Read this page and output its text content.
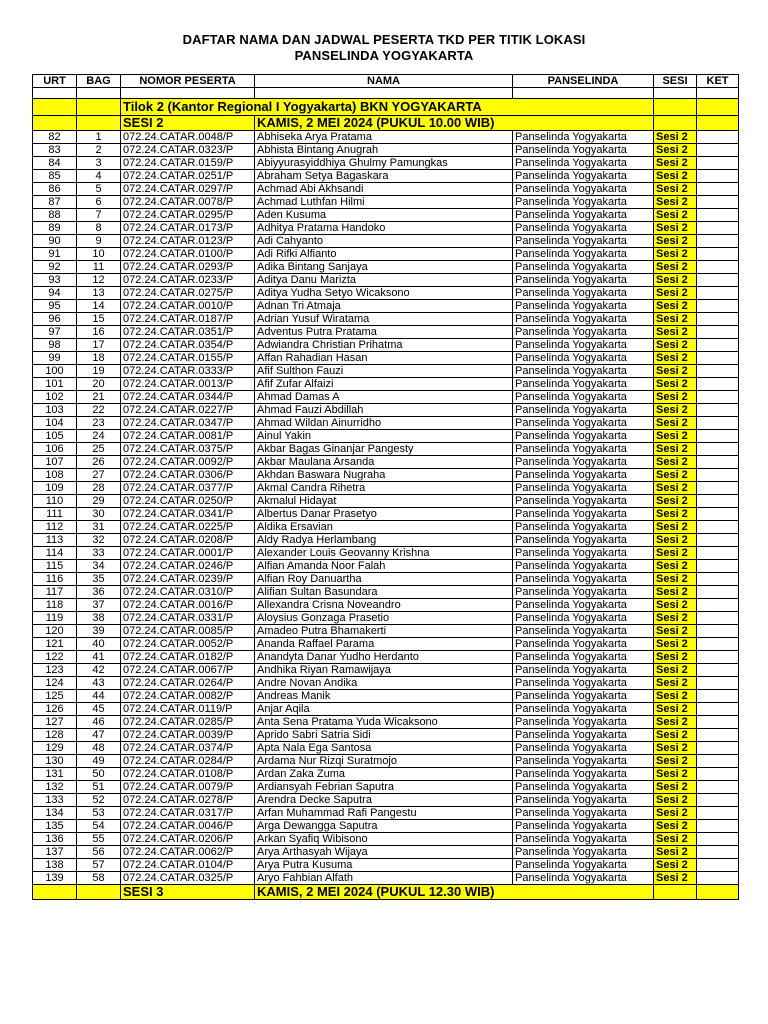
DAFTAR NAMA DAN JADWAL PESERTA TKD PER TITIK LOKASI
PANSELINDA YOGYAKARTA
URT	BAG	NOMOR PESERTA	NAMA	PANSELINDA	SESI	KET

		Tilok 2 (Kantor Regional I Yogyakarta) BKN YOGYAKARTA				
		SESI 2	KAMIS, 2 MEI 2024 (PUKUL 10.00 WIB)			
82	1	072.24.CATAR.0048/P	Abhiseka Arya Pratama	Panselinda Yogyakarta	Sesi 2	
83	2	072.24.CATAR.0323/P	Abhista Bintang Anugrah	Panselinda Yogyakarta	Sesi 2	
84	3	072.24.CATAR.0159/P	Abiyyurasyiddhiya Ghulmy Pamungkas	Panselinda Yogyakarta	Sesi 2	
85	4	072.24.CATAR.0251/P	Abraham Setya Bagaskara	Panselinda Yogyakarta	Sesi 2	
86	5	072.24.CATAR.0297/P	Achmad Abi Akhsandi	Panselinda Yogyakarta	Sesi 2	
87	6	072.24.CATAR.0078/P	Achmad Luthfan Hilmi	Panselinda Yogyakarta	Sesi 2	
88	7	072.24.CATAR.0295/P	Aden Kusuma	Panselinda Yogyakarta	Sesi 2	
89	8	072.24.CATAR.0173/P	Adhitya Pratama Handoko	Panselinda Yogyakarta	Sesi 2	
90	9	072.24.CATAR.0123/P	Adi Cahyanto	Panselinda Yogyakarta	Sesi 2	
91	10	072.24.CATAR.0100/P	Adi Rifki Alfianto	Panselinda Yogyakarta	Sesi 2	
92	11	072.24.CATAR.0293/P	Adika Bintang Sanjaya	Panselinda Yogyakarta	Sesi 2	
93	12	072.24.CATAR.0233/P	Aditya Danu Marizta	Panselinda Yogyakarta	Sesi 2	
94	13	072.24.CATAR.0275/P	Aditya Yudha Setyo Wicaksono	Panselinda Yogyakarta	Sesi 2	
95	14	072.24.CATAR.0010/P	Adnan Tri Atmaja	Panselinda Yogyakarta	Sesi 2	
96	15	072.24.CATAR.0187/P	Adrian Yusuf Wiratama	Panselinda Yogyakarta	Sesi 2	
97	16	072.24.CATAR.0351/P	Adventus Putra Pratama	Panselinda Yogyakarta	Sesi 2	
98	17	072.24.CATAR.0354/P	Adwiandra Christian Prihatma	Panselinda Yogyakarta	Sesi 2	
99	18	072.24.CATAR.0155/P	Affan Rahadian Hasan	Panselinda Yogyakarta	Sesi 2	
100	19	072.24.CATAR.0333/P	Afif Sulthon Fauzi	Panselinda Yogyakarta	Sesi 2	
101	20	072.24.CATAR.0013/P	Afif Zufar Alfaizi	Panselinda Yogyakarta	Sesi 2	
102	21	072.24.CATAR.0344/P	Ahmad Damas A	Panselinda Yogyakarta	Sesi 2	
103	22	072.24.CATAR.0227/P	Ahmad Fauzi Abdillah	Panselinda Yogyakarta	Sesi 2	
104	23	072.24.CATAR.0347/P	Ahmad Wildan Ainurridho	Panselinda Yogyakarta	Sesi 2	
105	24	072.24.CATAR.0081/P	Ainul Yakin	Panselinda Yogyakarta	Sesi 2	
106	25	072.24.CATAR.0375/P	Akbar Bagas Ginanjar Pangesty	Panselinda Yogyakarta	Sesi 2	
107	26	072.24.CATAR.0092/P	Akbar Maulana Arsanda	Panselinda Yogyakarta	Sesi 2	
108	27	072.24.CATAR.0306/P	Akhdan Baswara Nugraha	Panselinda Yogyakarta	Sesi 2	
109	28	072.24.CATAR.0377/P	Akmal Candra Rihetra	Panselinda Yogyakarta	Sesi 2	
110	29	072.24.CATAR.0250/P	Akmalul Hidayat	Panselinda Yogyakarta	Sesi 2	
111	30	072.24.CATAR.0341/P	Albertus Danar Prasetyo	Panselinda Yogyakarta	Sesi 2	
112	31	072.24.CATAR.0225/P	Aldika Ersavian	Panselinda Yogyakarta	Sesi 2	
113	32	072.24.CATAR.0208/P	Aldy Radya Herlambang	Panselinda Yogyakarta	Sesi 2	
114	33	072.24.CATAR.0001/P	Alexander Louis Geovanny Krishna	Panselinda Yogyakarta	Sesi 2	
115	34	072.24.CATAR.0246/P	Alfian Amanda Noor Falah	Panselinda Yogyakarta	Sesi 2	
116	35	072.24.CATAR.0239/P	Alfian Roy Danuartha	Panselinda Yogyakarta	Sesi 2	
117	36	072.24.CATAR.0310/P	Alifian Sultan Basundara	Panselinda Yogyakarta	Sesi 2	
118	37	072.24.CATAR.0016/P	Allexandra Crisna Noveandro	Panselinda Yogyakarta	Sesi 2	
119	38	072.24.CATAR.0331/P	Aloysius Gonzaga Prasetio	Panselinda Yogyakarta	Sesi 2	
120	39	072.24.CATAR.0085/P	Amadeo Putra Bhamakerti	Panselinda Yogyakarta	Sesi 2	
121	40	072.24.CATAR.0052/P	Ananda Raffael Parama	Panselinda Yogyakarta	Sesi 2	
122	41	072.24.CATAR.0182/P	Anandyta Danar Yudho Herdanto	Panselinda Yogyakarta	Sesi 2	
123	42	072.24.CATAR.0067/P	Andhika Riyan Ramawijaya	Panselinda Yogyakarta	Sesi 2	
124	43	072.24.CATAR.0264/P	Andre Novan Andika	Panselinda Yogyakarta	Sesi 2	
125	44	072.24.CATAR.0082/P	Andreas Manik	Panselinda Yogyakarta	Sesi 2	
126	45	072.24.CATAR.0119/P	Anjar Aqila	Panselinda Yogyakarta	Sesi 2	
127	46	072.24.CATAR.0285/P	Anta Sena Pratama Yuda Wicaksono	Panselinda Yogyakarta	Sesi 2	
128	47	072.24.CATAR.0039/P	Aprido Sabri Satria Sidi	Panselinda Yogyakarta	Sesi 2	
129	48	072.24.CATAR.0374/P	Apta Nala Ega Santosa	Panselinda Yogyakarta	Sesi 2	
130	49	072.24.CATAR.0284/P	Ardama Nur Rizqi Suratmojo	Panselinda Yogyakarta	Sesi 2	
131	50	072.24.CATAR.0108/P	Ardan Zaka Zuma	Panselinda Yogyakarta	Sesi 2	
132	51	072.24.CATAR.0079/P	Ardiansyah Febrian Saputra	Panselinda Yogyakarta	Sesi 2	
133	52	072.24.CATAR.0278/P	Arendra Decke Saputra	Panselinda Yogyakarta	Sesi 2	
134	53	072.24.CATAR.0317/P	Arfan Muhammad Rafi Pangestu	Panselinda Yogyakarta	Sesi 2	
135	54	072.24.CATAR.0046/P	Arga Dewangga Saputra	Panselinda Yogyakarta	Sesi 2	
136	55	072.24.CATAR.0206/P	Arkan Syafiq Wibisono	Panselinda Yogyakarta	Sesi 2	
137	56	072.24.CATAR.0062/P	Arya Arthasyah Wijaya	Panselinda Yogyakarta	Sesi 2	
138	57	072.24.CATAR.0104/P	Arya Putra Kusuma	Panselinda Yogyakarta	Sesi 2	
139	58	072.24.CATAR.0325/P	Aryo Fahbian Alfath	Panselinda Yogyakarta	Sesi 2	
		SESI 3	KAMIS, 2 MEI 2024 (PUKUL 12.30 WIB)			
